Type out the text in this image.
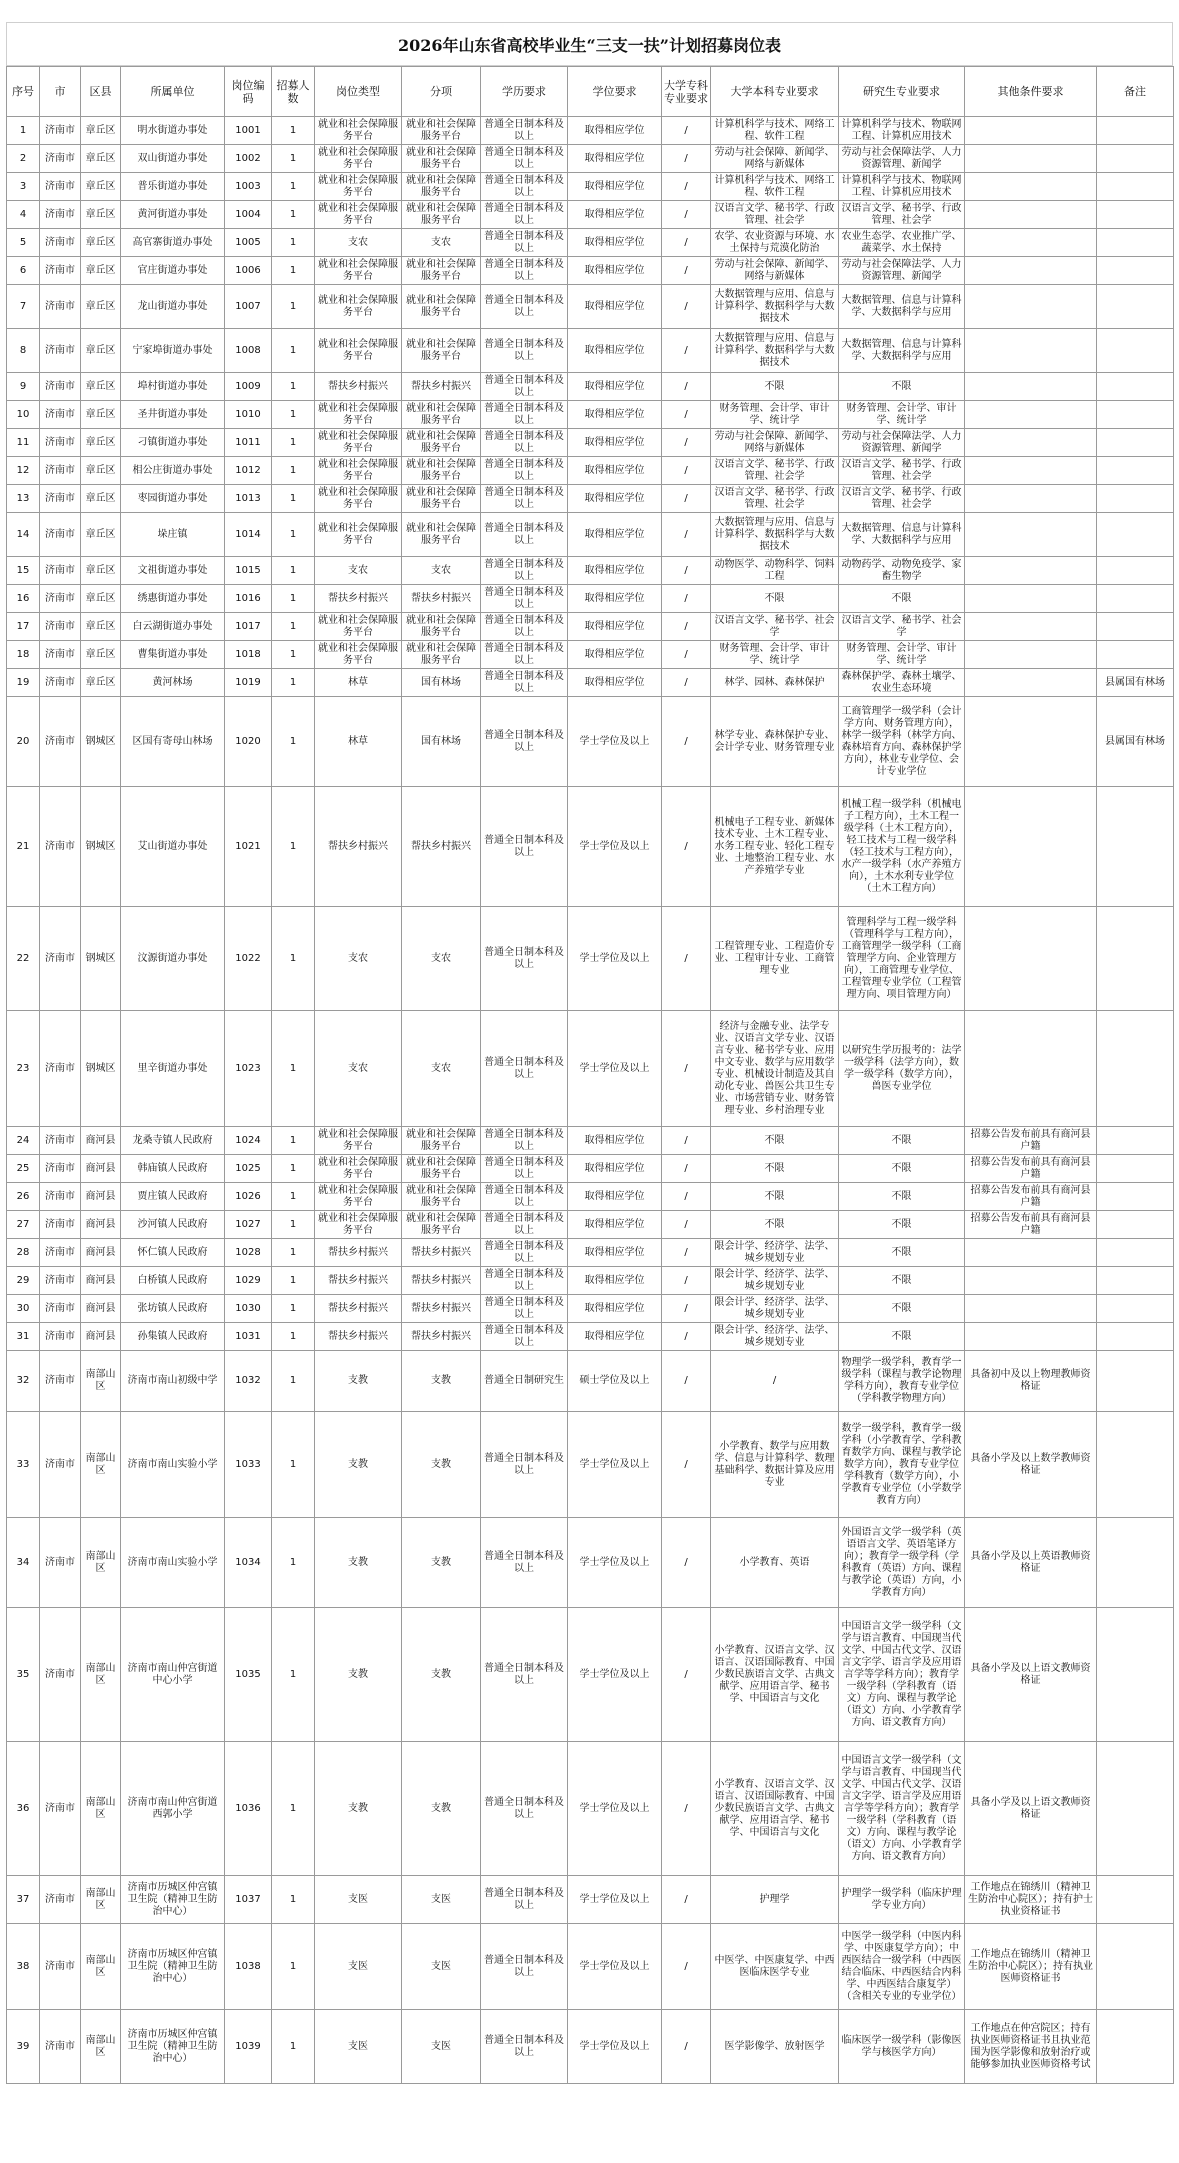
2026年山东省高校毕业生“三支一扶”计划招募岗位表
序号	市	区县	所属单位	岗位编码	招募人数	岗位类型	分项	学历要求	学位要求	大学专科专业要求	大学本科专业要求	研究生专业要求	其他条件要求	备注
1	济南市	章丘区	明水街道办事处	1001	1	就业和社会保障服务平台	就业和社会保障服务平台	普通全日制本科及以上	取得相应学位	/	计算机科学与技术、网络工程、软件工程	计算机科学与技术、物联网工程、计算机应用技术		
2	济南市	章丘区	双山街道办事处	1002	1	就业和社会保障服务平台	就业和社会保障服务平台	普通全日制本科及以上	取得相应学位	/	劳动与社会保障、新闻学、网络与新媒体	劳动与社会保障法学、人力资源管理、新闻学		
3	济南市	章丘区	普乐街道办事处	1003	1	就业和社会保障服务平台	就业和社会保障服务平台	普通全日制本科及以上	取得相应学位	/	计算机科学与技术、网络工程、软件工程	计算机科学与技术、物联网工程、计算机应用技术		
4	济南市	章丘区	黄河街道办事处	1004	1	就业和社会保障服务平台	就业和社会保障服务平台	普通全日制本科及以上	取得相应学位	/	汉语言文学、秘书学、行政管理、社会学	汉语言文学、秘书学、行政管理、社会学		
5	济南市	章丘区	高官寨街道办事处	1005	1	支农	支农	普通全日制本科及以上	取得相应学位	/	农学、农业资源与环境、水土保持与荒漠化防治	农业生态学、农业推广学、蔬菜学、水土保持		
6	济南市	章丘区	官庄街道办事处	1006	1	就业和社会保障服务平台	就业和社会保障服务平台	普通全日制本科及以上	取得相应学位	/	劳动与社会保障、新闻学、网络与新媒体	劳动与社会保障法学、人力资源管理、新闻学		
7	济南市	章丘区	龙山街道办事处	1007	1	就业和社会保障服务平台	就业和社会保障服务平台	普通全日制本科及以上	取得相应学位	/	大数据管理与应用、信息与计算科学、数据科学与大数据技术	大数据管理、信息与计算科学、大数据科学与应用		
8	济南市	章丘区	宁家埠街道办事处	1008	1	就业和社会保障服务平台	就业和社会保障服务平台	普通全日制本科及以上	取得相应学位	/	大数据管理与应用、信息与计算科学、数据科学与大数据技术	大数据管理、信息与计算科学、大数据科学与应用		
9	济南市	章丘区	埠村街道办事处	1009	1	帮扶乡村振兴	帮扶乡村振兴	普通全日制本科及以上	取得相应学位	/	不限	不限		
10	济南市	章丘区	圣井街道办事处	1010	1	就业和社会保障服务平台	就业和社会保障服务平台	普通全日制本科及以上	取得相应学位	/	财务管理、会计学、审计学、统计学	财务管理、会计学、审计学、统计学		
11	济南市	章丘区	刁镇街道办事处	1011	1	就业和社会保障服务平台	就业和社会保障服务平台	普通全日制本科及以上	取得相应学位	/	劳动与社会保障、新闻学、网络与新媒体	劳动与社会保障法学、人力资源管理、新闻学		
12	济南市	章丘区	相公庄街道办事处	1012	1	就业和社会保障服务平台	就业和社会保障服务平台	普通全日制本科及以上	取得相应学位	/	汉语言文学、秘书学、行政管理、社会学	汉语言文学、秘书学、行政管理、社会学		
13	济南市	章丘区	枣园街道办事处	1013	1	就业和社会保障服务平台	就业和社会保障服务平台	普通全日制本科及以上	取得相应学位	/	汉语言文学、秘书学、行政管理、社会学	汉语言文学、秘书学、行政管理、社会学		
14	济南市	章丘区	垛庄镇	1014	1	就业和社会保障服务平台	就业和社会保障服务平台	普通全日制本科及以上	取得相应学位	/	大数据管理与应用、信息与计算科学、数据科学与大数据技术	大数据管理、信息与计算科学、大数据科学与应用		
15	济南市	章丘区	文祖街道办事处	1015	1	支农	支农	普通全日制本科及以上	取得相应学位	/	动物医学、动物科学、饲料工程	动物药学、动物免疫学、家畜生物学		
16	济南市	章丘区	绣惠街道办事处	1016	1	帮扶乡村振兴	帮扶乡村振兴	普通全日制本科及以上	取得相应学位	/	不限	不限		
17	济南市	章丘区	白云湖街道办事处	1017	1	就业和社会保障服务平台	就业和社会保障服务平台	普通全日制本科及以上	取得相应学位	/	汉语言文学、秘书学、社会学	汉语言文学、秘书学、社会学		
18	济南市	章丘区	曹集街道办事处	1018	1	就业和社会保障服务平台	就业和社会保障服务平台	普通全日制本科及以上	取得相应学位	/	财务管理、会计学、审计学、统计学	财务管理、会计学、审计学、统计学		
19	济南市	章丘区	黄河林场	1019	1	林草	国有林场	普通全日制本科及以上	取得相应学位	/	林学、园林、森林保护	森林保护学、森林土壤学、农业生态环境		县属国有林场
20	济南市	钢城区	区国有寄母山林场	1020	1	林草	国有林场	普通全日制本科及以上	学士学位及以上	/	林学专业、森林保护专业、会计学专业、财务管理专业	工商管理学一级学科（会计学方向、财务管理方向），林学一级学科（林学方向、森林培育方向、森林保护学方向），林业专业学位、会计专业学位		县属国有林场
21	济南市	钢城区	艾山街道办事处	1021	1	帮扶乡村振兴	帮扶乡村振兴	普通全日制本科及以上	学士学位及以上	/	机械电子工程专业、新媒体技术专业、土木工程专业、水务工程专业、轻化工程专业、土地整治工程专业、水产养殖学专业	机械工程一级学科（机械电子工程方向），土木工程一级学科（土木工程方向），轻工技术与工程一级学科（轻工技术与工程方向），水产一级学科（水产养殖方向），土木水利专业学位（土木工程方向）		
22	济南市	钢城区	汶源街道办事处	1022	1	支农	支农	普通全日制本科及以上	学士学位及以上	/	工程管理专业、工程造价专业、工程审计专业、工商管理专业	管理科学与工程一级学科（管理科学与工程方向），工商管理学一级学科（工商管理学方向、企业管理方向），工商管理专业学位、工程管理专业学位（工程管理方向、项目管理方向）		
23	济南市	钢城区	里辛街道办事处	1023	1	支农	支农	普通全日制本科及以上	学士学位及以上	/	经济与金融专业、法学专业、汉语言文学专业、汉语言专业、秘书学专业、应用中文专业、数学与应用数学专业、机械设计制造及其自动化专业、兽医公共卫生专业、市场营销专业、财务管理专业、乡村治理专业	以研究生学历报考的：法学一级学科（法学方向），数学一级学科（数学方向），兽医专业学位		
24	济南市	商河县	龙桑寺镇人民政府	1024	1	就业和社会保障服务平台	就业和社会保障服务平台	普通全日制本科及以上	取得相应学位	/	不限	不限	招募公告发布前具有商河县户籍	
25	济南市	商河县	韩庙镇人民政府	1025	1	就业和社会保障服务平台	就业和社会保障服务平台	普通全日制本科及以上	取得相应学位	/	不限	不限	招募公告发布前具有商河县户籍	
26	济南市	商河县	贾庄镇人民政府	1026	1	就业和社会保障服务平台	就业和社会保障服务平台	普通全日制本科及以上	取得相应学位	/	不限	不限	招募公告发布前具有商河县户籍	
27	济南市	商河县	沙河镇人民政府	1027	1	就业和社会保障服务平台	就业和社会保障服务平台	普通全日制本科及以上	取得相应学位	/	不限	不限	招募公告发布前具有商河县户籍	
28	济南市	商河县	怀仁镇人民政府	1028	1	帮扶乡村振兴	帮扶乡村振兴	普通全日制本科及以上	取得相应学位	/	限会计学、经济学、法学、城乡规划专业	不限		
29	济南市	商河县	白桥镇人民政府	1029	1	帮扶乡村振兴	帮扶乡村振兴	普通全日制本科及以上	取得相应学位	/	限会计学、经济学、法学、城乡规划专业	不限		
30	济南市	商河县	张坊镇人民政府	1030	1	帮扶乡村振兴	帮扶乡村振兴	普通全日制本科及以上	取得相应学位	/	限会计学、经济学、法学、城乡规划专业	不限		
31	济南市	商河县	孙集镇人民政府	1031	1	帮扶乡村振兴	帮扶乡村振兴	普通全日制本科及以上	取得相应学位	/	限会计学、经济学、法学、城乡规划专业	不限		
32	济南市	南部山区	济南市南山初级中学	1032	1	支教	支教	普通全日制研究生	硕士学位及以上	/	/	物理学一级学科，教育学一级学科（课程与教学论物理学科方向），教育专业学位（学科教学物理方向）	具备初中及以上物理教师资格证	
33	济南市	南部山区	济南市南山实验小学	1033	1	支教	支教	普通全日制本科及以上	学士学位及以上	/	小学教育、数学与应用数学、信息与计算科学、数理基础科学、数据计算及应用专业	数学一级学科，教育学一级学科（小学教育学、学科教育数学方向、课程与教学论数学方向），教育专业学位学科教育（数学方向），小学教育专业学位（小学数学教育方向）	具备小学及以上数学教师资格证	
34	济南市	南部山区	济南市南山实验小学	1034	1	支教	支教	普通全日制本科及以上	学士学位及以上	/	小学教育、英语	外国语言文学一级学科（英语语言文学、英语笔译方向）；教育学一级学科（学科教育（英语）方向、课程与教学论（英语）方向，小学教育方向）	具备小学及以上英语教师资格证	
35	济南市	南部山区	济南市南山仲宫街道中心小学	1035	1	支教	支教	普通全日制本科及以上	学士学位及以上	/	小学教育、汉语言文学、汉语言、汉语国际教育、中国少数民族语言文学、古典文献学、应用语言学、秘书学、中国语言与文化	中国语言文学一级学科（文学与语言教育、中国现当代文学、中国古代文学、汉语言文字学、语言学及应用语言学等学科方向）；教育学一级学科（学科教育（语文）方向、课程与教学论（语文）方向、小学教育学方向、语文教育方向）	具备小学及以上语文教师资格证	
36	济南市	南部山区	济南市南山仲宫街道西郭小学	1036	1	支教	支教	普通全日制本科及以上	学士学位及以上	/	小学教育、汉语言文学、汉语言、汉语国际教育、中国少数民族语言文学、古典文献学、应用语言学、秘书学、中国语言与文化	中国语言文学一级学科（文学与语言教育、中国现当代文学、中国古代文学、汉语言文字学、语言学及应用语言学等学科方向）；教育学一级学科（学科教育（语文）方向、课程与教学论（语文）方向、小学教育学方向、语文教育方向）	具备小学及以上语文教师资格证	
37	济南市	南部山区	济南市历城区仲宫镇卫生院（精神卫生防治中心）	1037	1	支医	支医	普通全日制本科及以上	学士学位及以上	/	护理学	护理学一级学科（临床护理学专业方向）	工作地点在锦绣川（精神卫生防治中心院区）；持有护士执业资格证书	
38	济南市	南部山区	济南市历城区仲宫镇卫生院（精神卫生防治中心）	1038	1	支医	支医	普通全日制本科及以上	学士学位及以上	/	中医学、中医康复学、中西医临床医学专业	中医学一级学科（中医内科学、中医康复学方向）；中西医结合一级学科（中西医结合临床、中西医结合内科学、中西医结合康复学）（含相关专业的专业学位）	工作地点在锦绣川（精神卫生防治中心院区）；持有执业医师资格证书	
39	济南市	南部山区	济南市历城区仲宫镇卫生院（精神卫生防治中心）	1039	1	支医	支医	普通全日制本科及以上	学士学位及以上	/	医学影像学、放射医学	临床医学一级学科（影像医学与核医学方向）	工作地点在仲宫院区；持有执业医师资格证书且执业范围为医学影像和放射治疗或能够参加执业医师资格考试	
